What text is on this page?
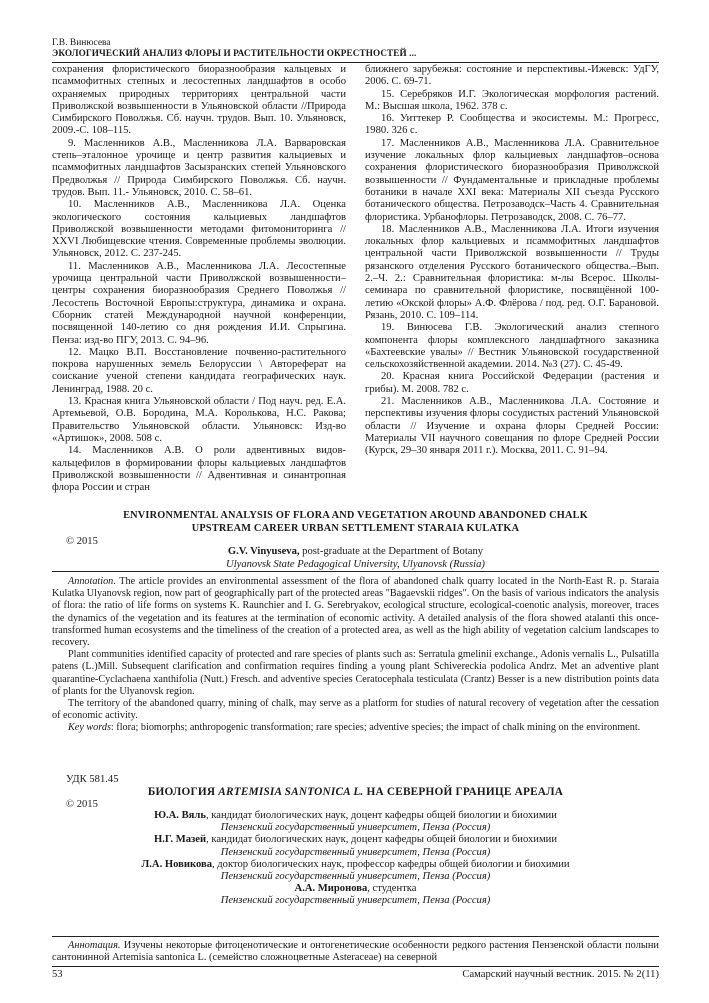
Г.В. Винюсева
ЭКОЛОГИЧЕСКИЙ АНАЛИЗ ФЛОРЫ И РАСТИТЕЛЬНОСТИ ОКРЕСТНОСТЕЙ ...

сохранения флористического биоразнообразия кальцевых и псаммофитных степных и лесостепных ландшафтов в особо охраняемых природных территориях центральной части Приволжской возвышенности в Ульяновской области //Природа Симбирского Поволжья. Сб. научн. трудов. Вып. 10. Ульяновск, 2009.-С. 108–115.

9. Масленников А.В., Масленникова Л.А. Варваровская степь–эталонное урочище и центр развития кальциевых и псаммофитных ландшафтов Засызранских степей Ульяновского Предволжья // Природа Симбирского Поволжья. Сб. научн. трудов. Вып. 11.- Ульяновск, 2010. С. 58–61.

10. Масленников А.В., Масленникова Л.А. Оценка экологического состояния кальциевых ландшафтов Приволжской возвышенности методами фитомониторинга // XXVI Любищевские чтения. Современные проблемы эволюции. Ульяновск, 2012. С. 237-245.

11. Масленников А.В., Масленникова Л.А. Лесостепные урочища центральной части Приволжской возвышенности–центры сохранения биоразнообразия Среднего Поволжья // Лесостепь Восточной Европы:структура, динамика и охрана. Сборник статей Международной научной конференции, посвященной 140-летию со дня рождения И.И. Спрыгина. Пенза: изд-во ПГУ, 2013. С. 94–96.

12. Мацко В.П. Восстановление почвенно-растительного покрова нарушенных земель Белоруссии \ Автореферат на соискание ученой степени кандидата географических наук. Ленинград, 1988. 20 с.

13. Красная книга Ульяновской области / Под науч. ред. Е.А. Артемьевой, О.В. Бородина, М.А. Корольковa, Н.С. Ракова; Правительство Ульяновской области. Ульяновск: Изд-во «Артишок», 2008. 508 с.

14. Масленников А.В. О роли адвентивных видов-кальцефилов в формировании флоры кальциевых ландшафтов Приволжской возвышенности // Адвентивная и синантропная флора России и стран

ближнего зарубежья: состояние и перспективы.-Ижевск: УдГУ, 2006. С. 69-71.

15. Серебряков И.Г. Экологическая морфология растений. М.: Высшая школа, 1962. 378 с.

16. Уиттекер Р. Сообщества и экосистемы. М.: Прогресс, 1980. 326 с.

17. Масленников А.В., Масленникова Л.А. Сравнительное изучение локальных флор кальциевых ландшафтов–основа сохранения флористического биоразнообразия Приволжской возвышенности // Фундаментальные и прикладные проблемы ботаники в начале XXI века: Материалы XII съезда Русского ботанического общества. Петрозаводск–Часть 4. Сравнительная флористика. Урбанофлоры. Петрозаводск, 2008. С. 76–77.

18. Масленников А.В., Масленникова Л.А. Итоги изучения локальных флор кальциевых и псаммофитных ландшафтов центральной части Приволжской возвышенности // Труды рязанского отделения Русского ботанического общества.–Вып. 2.–Ч. 2.: Сравнительная флористика: м-лы Всерос. Школы-семинара по сравнительной флористике, посвящённой 100-летию «Окской флоры» А.Ф. Флёрова / под. ред. О.Г. Барановой. Рязань, 2010. С. 109–114.

19. Винюсева Г.В. Экологический анализ степного компонента флоры комплексного ландшафтного заказника «Бахтеевские увалы» // Вестник Ульяновской государственной сельскохозяйственной академии. 2014. №3 (27). С. 45-49.

20. Красная книга Российской Федерации (растения и грибы). М. 2008. 782 с.

21. Масленников А.В., Масленникова Л.А. Состояние и перспективы изучения флоры сосудистых растений Ульяновской области // Изучение и охрана флоры Средней России: Материалы VII научного совещания по флоре Средней России (Курск, 29–30 января 2011 г.). Москва, 2011. С. 91–94.

ENVIRONMENTAL ANALYSIS OF FLORA AND VEGETATION AROUND ABANDONED CHALK
UPSTREAM CAREER URBAN SETTLEMENT STARAIA KULATKA
© 2015
G.V. Vinyuseva, post-graduate at the Department of Botany
Ulyanovsk State Pedagogical University, Ulyanovsk (Russia)

Annotation. The article provides an environmental assessment of the flora of abandoned chalk quarry located in the North-East R. p. Staraia Kulatka Ulyanovsk region, now part of geographically part of the protected areas "Bagaevskii ridges". On the basis of various indicators the analysis of flora: the ratio of life forms on systems K. Raunchier and I. G. Serebryakov, ecological structure, ecological-coenotic analysis, moreover, traces the dynamics of the vegetation and its features at the termination of economic activity. A detailed analysis of the flora showed atalanti this once-transformed human ecosystems and the timeliness of the creation of a protected area, as well as the high ability of vegetation calcium landscapes to recovery.

Plant communities identified capacity of protected and rare species of plants such as: Serratula gmelinii exchange., Adonis vernalis L., Pulsatilla patens (L.)Mill. Subsequent clarification and confirmation requires finding a young plant Schivereckia podolica Andrz. Met an adventive plant quarantine-Cyclachaena xanthifolia (Nutt.) Fresch. and adventive species Ceratocephala testiculata (Crantz) Besser is a new distribution points data of plants for the Ulyanovsk region.

The territory of the abandoned quarry, mining of chalk, may serve as a platform for studies of natural recovery of vegetation after the cessation of economic activity.

Key words: flora; biomorphs; anthropogenic transformation; rare species; adventive species; the impact of chalk mining on the environment.

УДК 581.45
БИОЛОГИЯ ARTEMISIA SANTONICA L. НА СЕВЕРНОЙ ГРАНИЦЕ АРЕАЛА
© 2015
Ю.А. Вяль, кандидат биологических наук, доцент кафедры общей биологии и биохимии
Пензенский государственный университет, Пенза (Россия)
Н.Г. Мазей, кандидат биологических наук, доцент кафедры общей биологии и биохимии
Пензенский государственный университет, Пенза (Россия)
Л.А. Новикова, доктор биологических наук, профессор кафедры общей биологии и биохимии
Пензенский государственный университет, Пенза (Россия)
А.А. Миронова, студентка
Пензенский государственный университет, Пенза (Россия)

Аннотация. Изучены некоторые фитоценотические и онтогенетические особенности редкого растения Пензенской области полыни сантонинной Artemisia santonica L. (семейство сложноцветные Asteraceae) на северной

53	Самарский научный вестник. 2015. № 2(11)
